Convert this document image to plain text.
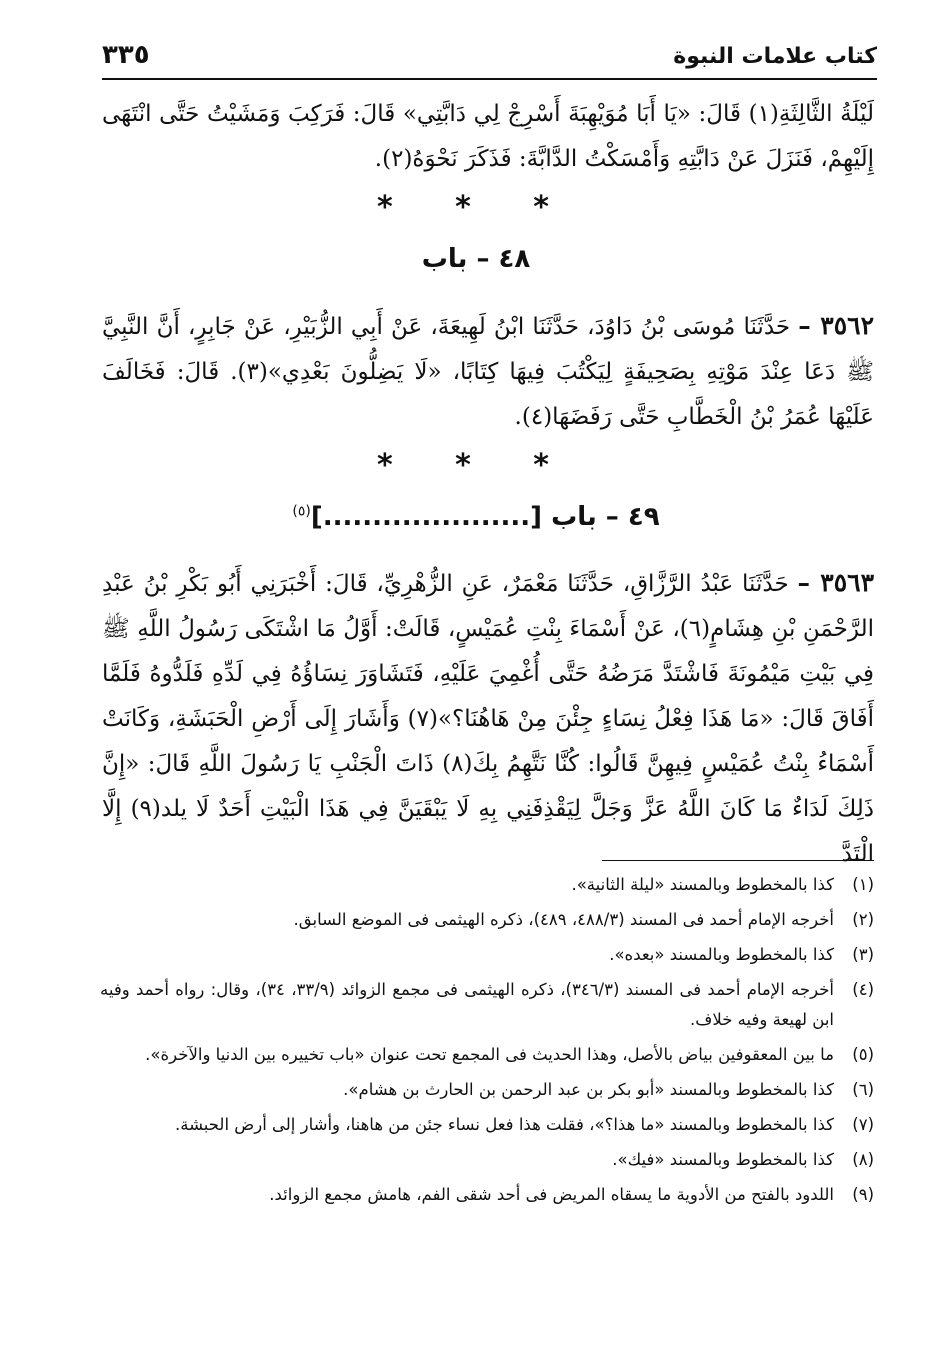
كتاب علامات النبوة
٣٣٥
لَيْلَةُ الثَّالِثَةِ(١) قَالَ: «يَا أَبَا مُوَيْهِبَةَ أَسْرِجْ لِي دَابَّتِي» قَالَ: فَرَكِبَ وَمَشَيْتُ حَتَّى انْتَهَى إِلَيْهِمْ، فَنَزَلَ عَنْ دَابَّتِهِ وَأَمْسَكْتُ الدَّابَّةَ: فَذَكَرَ نَحْوَهُ(٢).
* * *
٤٨ – باب
٣٥٦٢ – حَدَّثَنَا مُوسَى بْنُ دَاوُدَ، حَدَّثَنَا ابْنُ لَهِيعَةَ، عَنْ أَبِي الزُّبَيْرِ، عَنْ جَابِرٍ، أَنَّ النَّبِيَّ ﷺ دَعَا عِنْدَ مَوْتِهِ بِصَحِيفَةٍ لِيَكْتُبَ فِيهَا كِتَابًا، «لَا يَضِلُّونَ بَعْدِي»(٣). قَالَ: فَخَالَفَ عَلَيْهَا عُمَرُ بْنُ الْخَطَّابِ حَتَّى رَفَضَهَا(٤).
* * *
٤٩ – باب [.....................]$^{(٥)}$
٣٥٦٣ – حَدَّثَنَا عَبْدُ الرَّزَّاقِ، حَدَّثَنَا مَعْمَرٌ، عَنِ الزُّهْرِيِّ، قَالَ: أَخْبَرَنِي أَبُو بَكْرِ بْنُ عَبْدِ الرَّحْمَنِ بْنِ هِشَامٍ(٦)، عَنْ أَسْمَاءَ بِنْتِ عُمَيْسٍ، قَالَتْ: أَوَّلُ مَا اشْتَكَى رَسُولُ اللَّهِ ﷺ فِي بَيْتِ مَيْمُونَةَ فَاشْتَدَّ مَرَضُهُ حَتَّى أُغْمِيَ عَلَيْهِ، فَتَشَاوَرَ نِسَاؤُهُ فِي لَدِّهِ فَلَدُّوهُ فَلَمَّا أَفَاقَ قَالَ: «مَا هَذَا فِعْلُ نِسَاءٍ جِئْنَ مِنْ هَاهُنَا؟»(٧) وَأَشَارَ إِلَى أَرْضِ الْحَبَشَةِ، وَكَانَتْ أَسْمَاءُ بِنْتُ عُمَيْسٍ فِيهِنَّ قَالُوا: كُنَّا نَتَّهِمُ بِكَ(٨) ذَاتَ الْجَنْبِ يَا رَسُولَ اللَّهِ قَالَ: «إِنَّ ذَلِكَ لَدَاءٌ مَا كَانَ اللَّهُ عَزَّ وَجَلَّ لِيَقْذِفَنِي بِهِ لَا يَبْقَيَنَّ فِي هَذَا الْبَيْتِ أَحَدٌ لَا يلد(٩) إِلَّا الْتَدَّ
(١)
كذا بالمخطوط وبالمسند «ليلة الثانية».
(٢)
أخرجه الإمام أحمد فى المسند (٤٨٨/٣، ٤٨٩)، ذكره الهيثمى فى الموضع السابق.
(٣)
كذا بالمخطوط وبالمسند «بعده».
(٤)
أخرجه الإمام أحمد فى المسند (٣٤٦/٣)، ذكره الهيثمى فى مجمع الزوائد (٣٣/٩، ٣٤)، وقال: رواه أحمد وفيه ابن لهيعة وفيه خلاف.
(٥)
ما بين المعقوفين بياض بالأصل، وهذا الحديث فى المجمع تحت عنوان «باب تخييره بين الدنيا والآخرة».
(٦)
كذا بالمخطوط وبالمسند «أبو بكر بن عبد الرحمن بن الحارث بن هشام».
(٧)
كذا بالمخطوط وبالمسند «ما هذا؟»، فقلت هذا فعل نساء جئن من هاهنا، وأشار إلى أرض الحبشة.
(٨)
كذا بالمخطوط وبالمسند «فيك».
(٩)
اللدود بالفتح من الأدوية ما يسقاه المريض فى أحد شقى الفم، هامش مجمع الزوائد.
